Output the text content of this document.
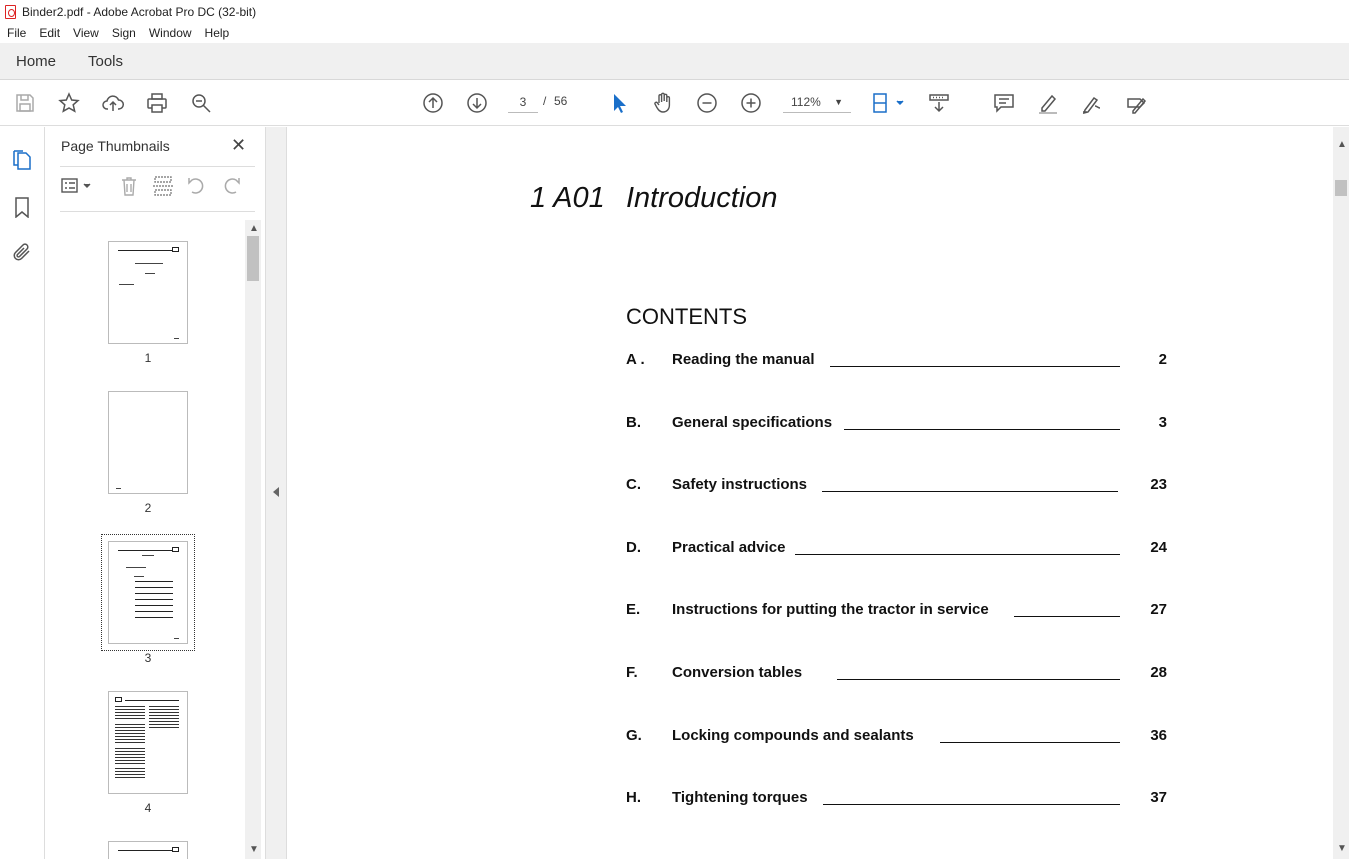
Binder2.pdf - Adobe Acrobat Pro DC (32-bit)
File	Edit	View	Sign	Window	Help
Home Tools
3	/ 56	112% ▼
Page Thumbnails	✕
1
2
3
4
▲
▼
1 A01 Introduction
CONTENTS
A . Reading the manual	2
B. General specifications	3
C. Safety instructions	23
D. Practical advice	24
E. Instructions for putting the tractor in service	27
F. Conversion tables	28
G. Locking compounds and sealants	36
H. Tightening torques	37
▲
▼
